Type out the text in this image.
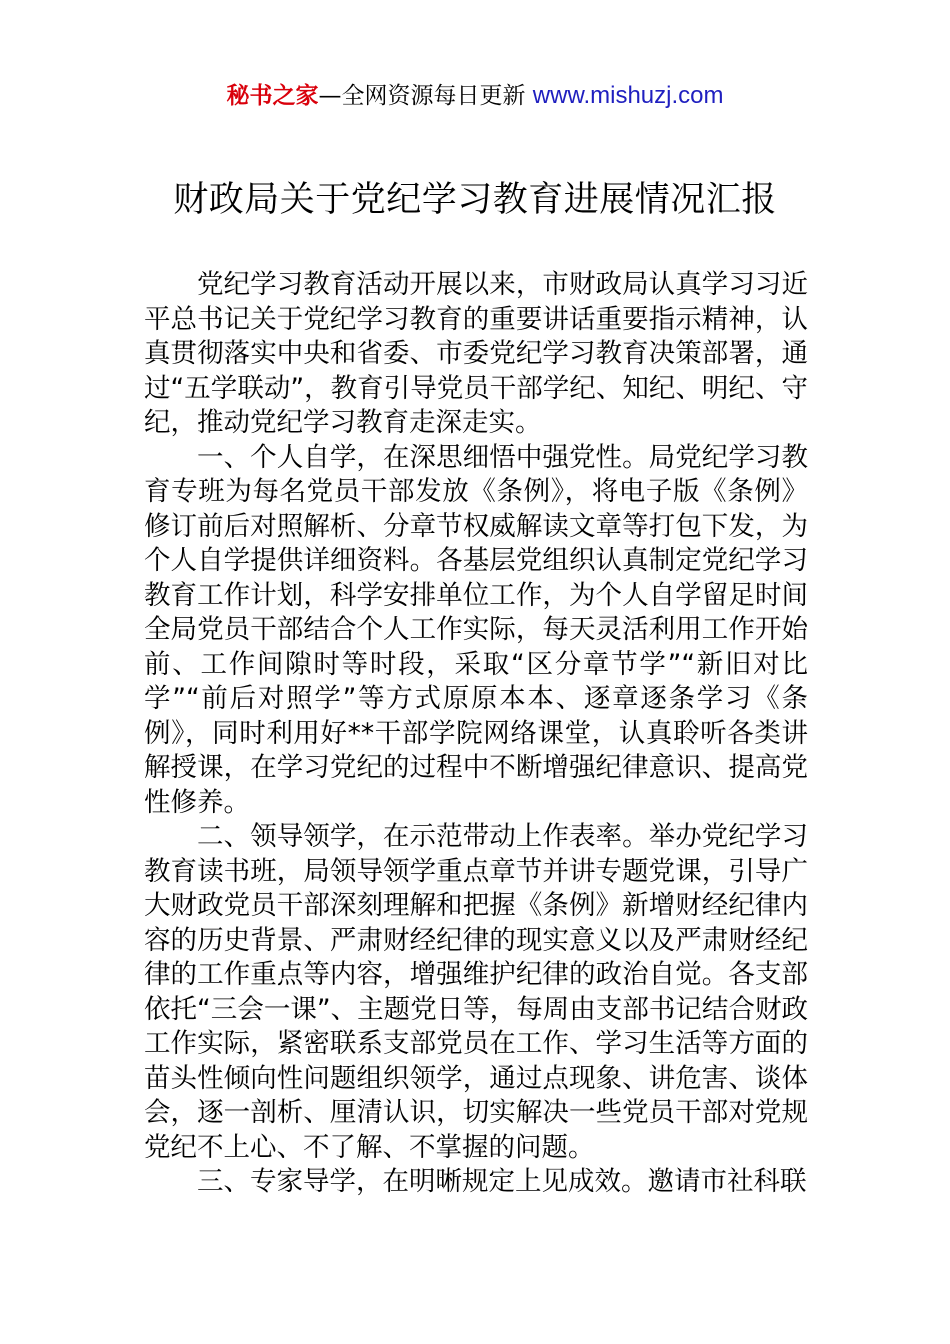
秘书之家—全网资源每日更新 www.mishuzj.com
财政局关于党纪学习教育进展情况汇报

党纪学习教育活动开展以来，市财政局认真学习习近平总书记关于党纪学习教育的重要讲话重要指示精神，认真贯彻落实中央和省委、市委党纪学习教育决策部署，通过“五学联动”，教育引导党员干部学纪、知纪、明纪、守纪，推动党纪学习教育走深走实。

一、个人自学，在深思细悟中强党性。局党纪学习教育专班为每名党员干部发放《条例》，将电子版《条例》修订前后对照解析、分章节权威解读文章等打包下发，为个人自学提供详细资料。各基层党组织认真制定党纪学习教育工作计划，科学安排单位工作，为个人自学留足时间全局党员干部结合个人工作实际，每天灵活利用工作开始前、工作间隙时等时段，采取“区分章节学”“新旧对比学”“前后对照学”等方式原原本本、逐章逐条学习《条例》，同时利用好**干部学院网络课堂，认真聆听各类讲解授课，在学习党纪的过程中不断增强纪律意识、提高党性修养。

二、领导领学，在示范带动上作表率。举办党纪学习教育读书班，局领导领学重点章节并讲专题党课，引导广大财政党员干部深刻理解和把握《条例》新增财经纪律内容的历史背景、严肃财经纪律的现实意义以及严肃财经纪律的工作重点等内容，增强维护纪律的政治自觉。各支部依托“三会一课”、主题党日等，每周由支部书记结合财政工作实际，紧密联系支部党员在工作、学习生活等方面的苗头性倾向性问题组织领学，通过点现象、讲危害、谈体会，逐一剖析、厘清认识，切实解决一些党员干部对党规党纪不上心、不了解、不掌握的问题。

三、专家导学，在明晰规定上见成效。邀请市社科联
